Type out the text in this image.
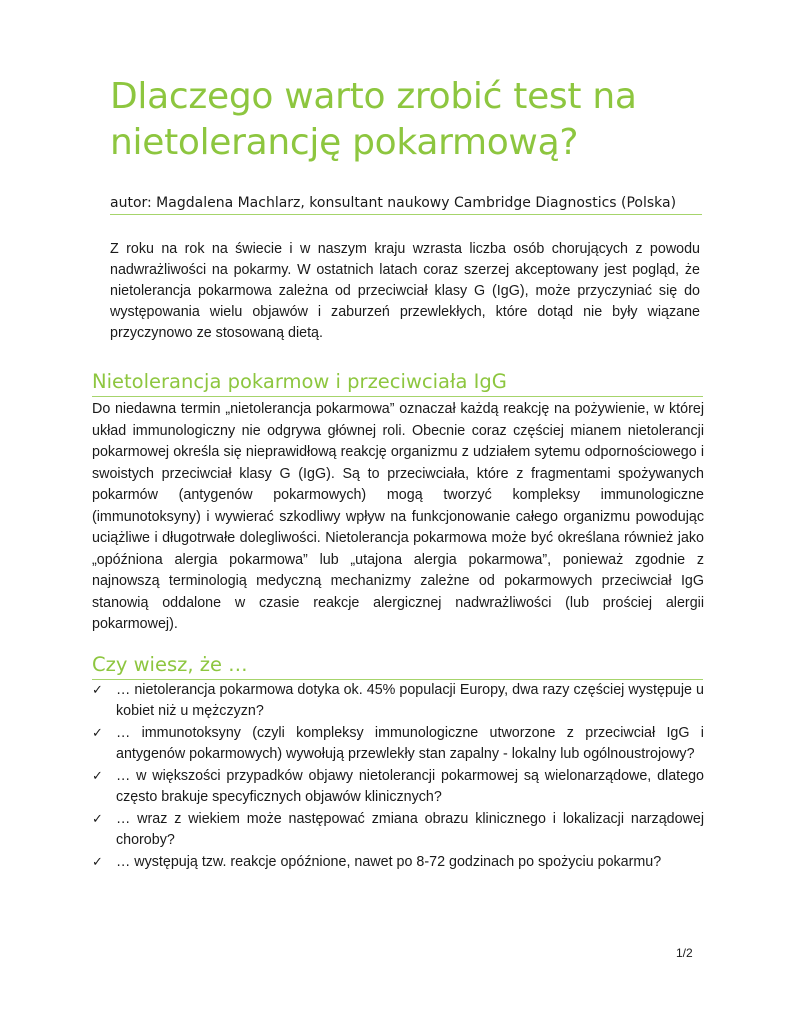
Dlaczego warto zrobić test na nietolerancję pokarmową?
autor: Magdalena Machlarz, konsultant naukowy Cambridge Diagnostics (Polska)

Z roku na rok na świecie i w naszym kraju wzrasta liczba osób chorujących z powodu nadwrażliwości na pokarmy. W ostatnich latach coraz szerzej akceptowany jest pogląd, że nietolerancja pokarmowa zależna od przeciwciał klasy G (IgG), może przyczyniać się do występowania wielu objawów i zaburzeń przewlekłych, które dotąd nie były wiązane przyczynowo ze stosowaną dietą.

Nietolerancja pokarmow i przeciwciała IgG

Do niedawna termin „nietolerancja pokarmowa” oznaczał każdą reakcję na pożywienie, w której układ immunologiczny nie odgrywa głównej roli. Obecnie coraz częściej mianem nietolerancji pokarmowej określa się nieprawidłową reakcję organizmu z udziałem sytemu odpornościowego i swoistych przeciwciał klasy G (IgG). Są to przeciwciała, które z fragmentami spożywanych pokarmów (antygenów pokarmowych) mogą tworzyć kompleksy immunologiczne (immunotoksyny) i wywierać szkodliwy wpływ na funkcjonowanie całego organizmu powodując uciążliwe i długotrwałe dolegliwości. Nietolerancja pokarmowa może być określana również jako „opóźniona alergia pokarmowa” lub „utajona alergia pokarmowa”, ponieważ zgodnie z najnowszą terminologią medyczną mechanizmy zależne od pokarmowych przeciwciał IgG stanowią oddalone w czasie reakcje alergicznej nadwrażliwości (lub prościej alergii pokarmowej).

Czy wiesz, że …
✓ … nietolerancja pokarmowa dotyka ok. 45% populacji Europy, dwa razy częściej występuje u kobiet niż u mężczyzn?
✓ … immunotoksyny (czyli kompleksy immunologiczne utworzone z przeciwciał IgG i antygenów pokarmowych) wywołują przewlekły stan zapalny - lokalny lub ogólnoustrojowy?
✓ … w większości przypadków objawy nietolerancji pokarmowej są wielonarządowe, dlatego często brakuje specyficznych objawów klinicznych?
✓ … wraz z wiekiem może następować zmiana obrazu klinicznego i lokalizacji narządowej choroby?
✓ … występują tzw. reakcje opóźnione, nawet po 8-72 godzinach po spożyciu pokarmu?
1/2
